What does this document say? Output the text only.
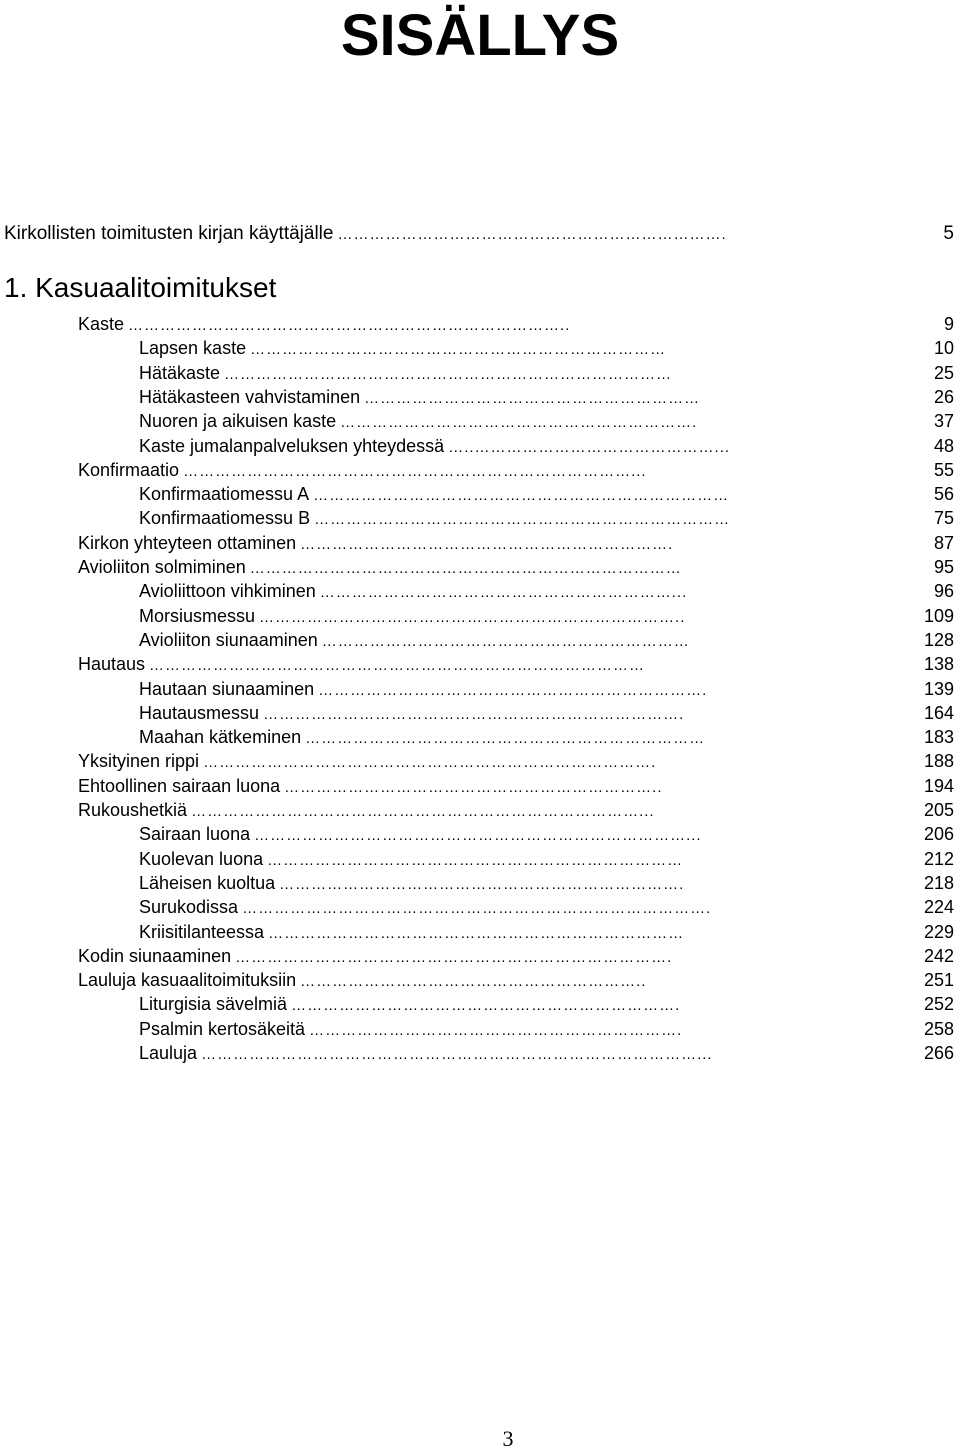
SISÄLLYS
Kirkollisten toimitusten kirjan käyttäjälle ……………………………………………………………….	5
1. Kasuaalitoimitukset
Kaste ………………………………………………………………………..	9
Lapsen kaste ……………………………………………………………………	10
Hätäkaste …………………………………………………………………………	25
Hätäkasteen vahvistaminen ………………………………………………………	26
Nuoren ja aikuisen kaste ………………………………………………………….	37
Kaste jumalanpalveluksen yhteydessä …..………………………………………...	48
Konfirmaatio …………………………………………………………………………...	55
Konfirmaatiomessu A ……………………………………………………………………	56
Konfirmaatiomessu B ……………………………………………………………………	75
Kirkon yhteyteen ottaminen …………………………………………………………….	87
Avioliiton solmiminen ………………………………………………………………………	95
Avioliittoon vihkiminen …………………………………………………………...	96
Morsiusmessu ……………………………………………………………………..	109
Avioliiton siunaaminen ……………………………………………………………	128
Hautaus …………………………………………………………………………………	138
Hautaan siunaaminen ……………………………………………………………….	139
Hautausmessu …………………………………………………………………….	164
Maahan kätkeminen …………………………………………………………………	183
Yksityinen rippi ………………………………………………………………………….	188
Ehtoollinen sairaan luona ……………………………………………………………..	194
Rukoushetkiä …………………………………………………………………………...	205
Sairaan luona ………………………………………………………………………...	206
Kuolevan luona ……………………………………………………………………	212
Läheisen kuoltua ………………………………………………………………….	218
Surukodissa …………………………………………………………………………….	224
Kriisitilanteessa ……………………………………………………………………	229
Kodin siunaaminen ……………………………………………………………………….	242
Lauluja kasuaalitoimituksiin ………………………………………………………..	251
Liturgisia sävelmiä ……………………………………………………………….	252
Psalmin kertosäkeitä …………………………………………………………….	258
Lauluja …………………………………………………………………………………...	266
3
